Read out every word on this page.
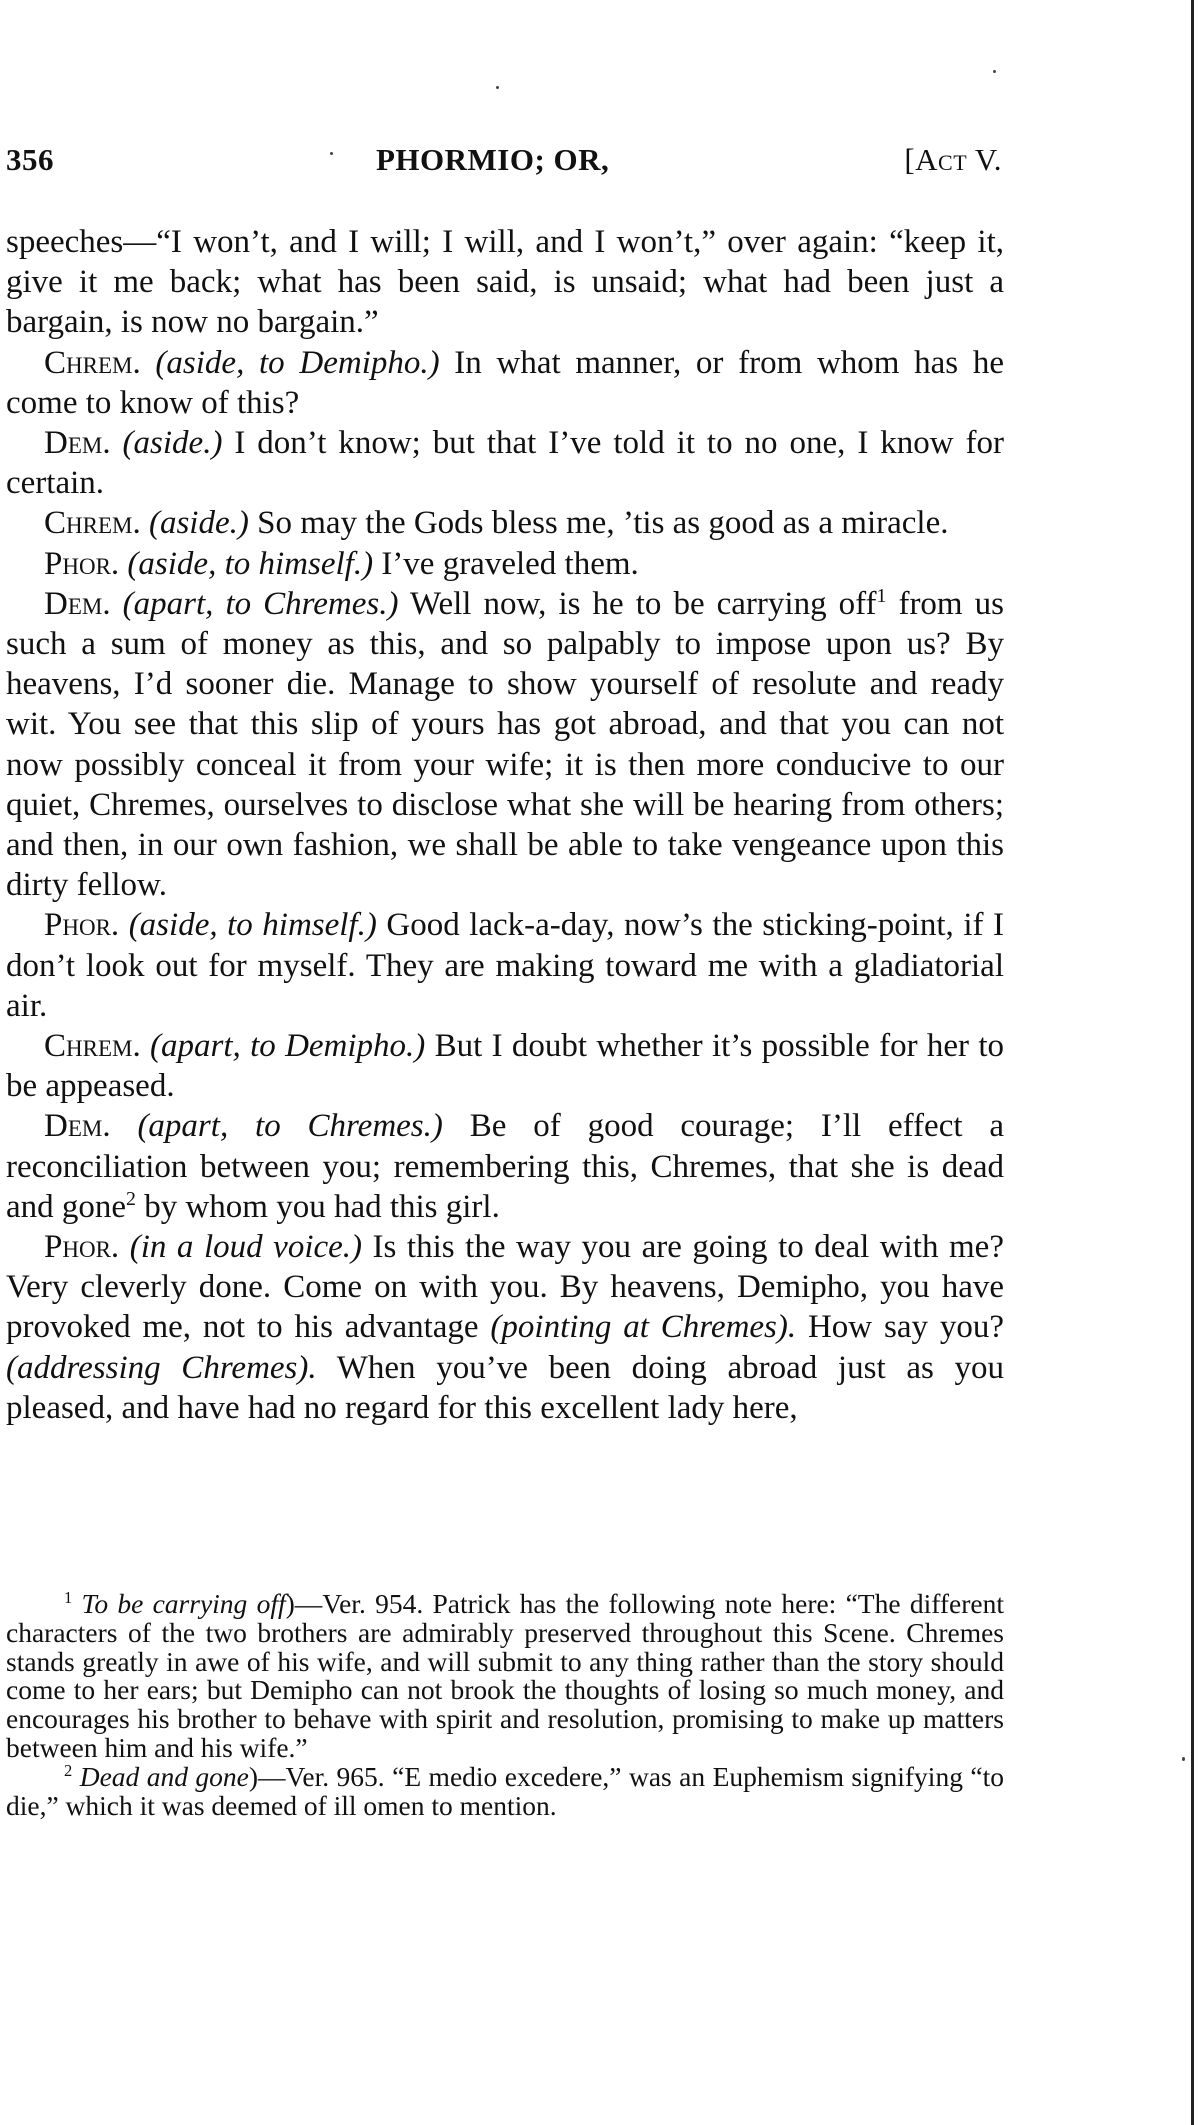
356	PHORMIO; OR,	[Act V.

speeches—“I won’t, and I will; I will, and I won’t,” over again: “keep it, give it me back; what has been said, is unsaid; what had been just a bargain, is now no bargain.”

Chrem. (aside, to Demipho.) In what manner, or from whom has he come to know of this?

Dem. (aside.) I don’t know; but that I’ve told it to no one, I know for certain.

Chrem. (aside.) So may the Gods bless me, ’tis as good as a miracle.

Phor. (aside, to himself.) I’ve graveled them.

Dem. (apart, to Chremes.) Well now, is he to be carrying off$^1$ from us such a sum of money as this, and so palpably to impose upon us? By heavens, I’d sooner die. Manage to show yourself of resolute and ready wit. You see that this slip of yours has got abroad, and that you can not now possibly conceal it from your wife; it is then more conducive to our quiet, Chremes, ourselves to disclose what she will be hearing from others; and then, in our own fashion, we shall be able to take vengeance upon this dirty fellow.

Phor. (aside, to himself.) Good lack-a-day, now’s the sticking-point, if I don’t look out for myself. They are making toward me with a gladiatorial air.

Chrem. (apart, to Demipho.) But I doubt whether it’s possible for her to be appeased.

Dem. (apart, to Chremes.) Be of good courage; I’ll effect a reconciliation between you; remembering this, Chremes, that she is dead and gone$^2$ by whom you had this girl.

Phor. (in a loud voice.) Is this the way you are going to deal with me? Very cleverly done. Come on with you. By heavens, Demipho, you have provoked me, not to his advantage (pointing at Chremes). How say you? (addressing Chremes). When you’ve been doing abroad just as you pleased, and have had no regard for this excellent lady here,

$^1$ To be carrying off)—Ver. 954. Patrick has the following note here: “The different characters of the two brothers are admirably preserved throughout this Scene. Chremes stands greatly in awe of his wife, and will submit to any thing rather than the story should come to her ears; but Demipho can not brook the thoughts of losing so much money, and encourages his brother to behave with spirit and resolution, promising to make up matters between him and his wife.”

$^2$ Dead and gone)—Ver. 965. “E medio excedere,” was an Euphemism signifying “to die,” which it was deemed of ill omen to mention.
